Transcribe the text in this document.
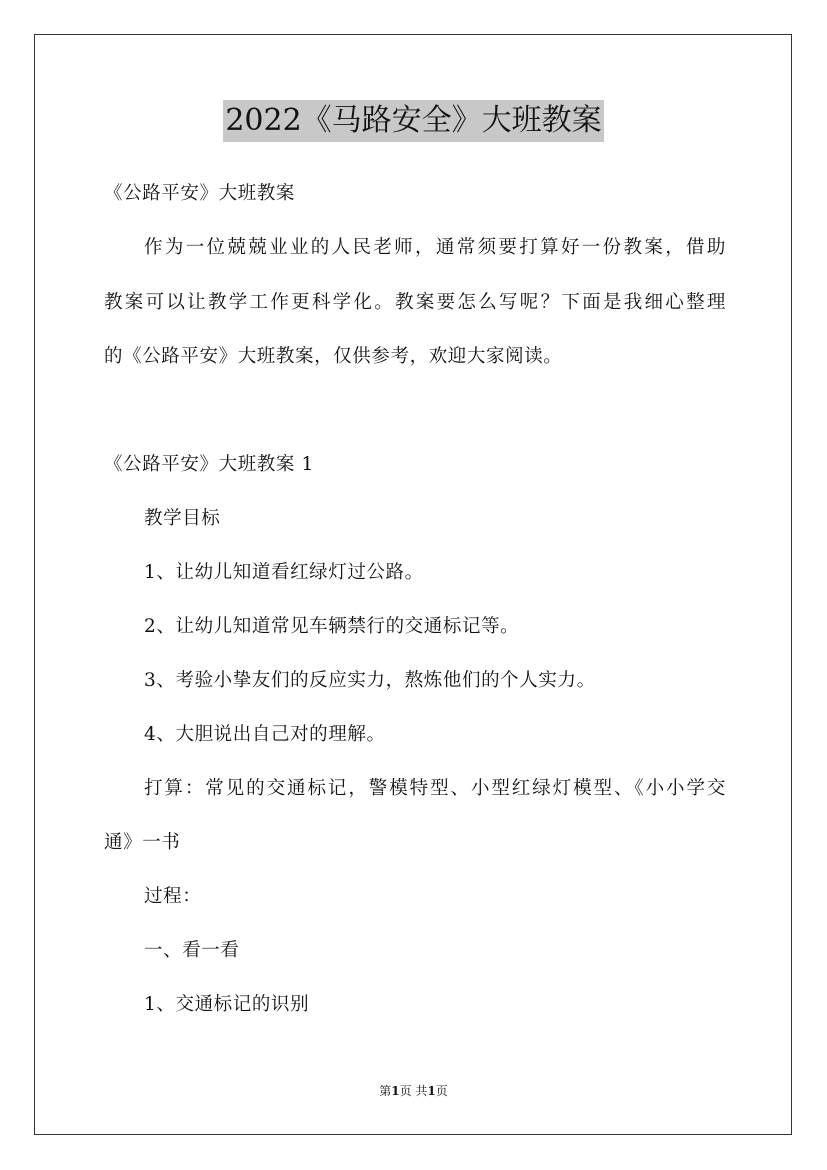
2022《马路安全》大班教案
《公路平安》大班教案
作为一位兢兢业业的人民老师，通常须要打算好一份教案，借助
教案可以让教学工作更科学化。教案要怎么写呢？下面是我细心整理
的《公路平安》大班教案，仅供参考，欢迎大家阅读。
《公路平安》大班教案 1
教学目标
1、让幼儿知道看红绿灯过公路。
2、让幼儿知道常见车辆禁行的交通标记等。
3、考验小挚友们的反应实力，熬炼他们的个人实力。
4、大胆说出自己对的理解。
打算：常见的交通标记，警模特型、小型红绿灯模型、《小小学交
通》一书
过程：
一、看一看
1、交通标记的识别
第1页 共1页
